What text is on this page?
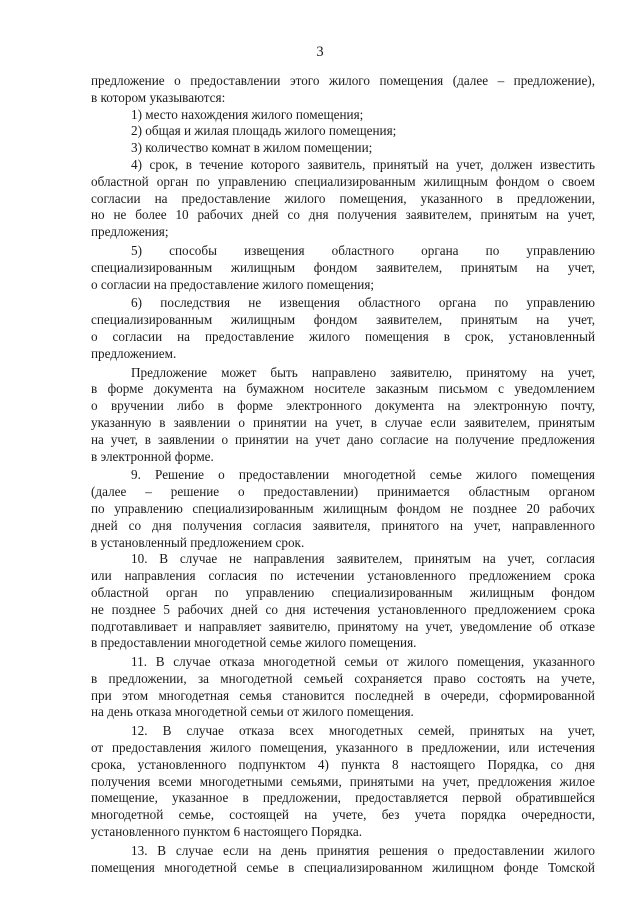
3
предложение о предоставлении этого жилого помещения (далее – предложение),
в котором указываются:
1) место нахождения жилого помещения;
2) общая и жилая площадь жилого помещения;
3) количество комнат в жилом помещении;
4) срок, в течение которого заявитель, принятый на учет, должен известить
областной орган по управлению специализированным жилищным фондом о своем
согласии на предоставление жилого помещения, указанного в предложении,
но не более 10 рабочих дней со дня получения заявителем, принятым на учет,
предложения;
5) способы извещения областного органа по управлению
специализированным жилищным фондом заявителем, принятым на учет,
о согласии на предоставление жилого помещения;
6) последствия не извещения областного органа по управлению
специализированным жилищным фондом заявителем, принятым на учет,
о согласии на предоставление жилого помещения в срок, установленный
предложением.
Предложение может быть направлено заявителю, принятому на учет,
в форме документа на бумажном носителе заказным письмом с уведомлением
о вручении либо в форме электронного документа на электронную почту,
указанную в заявлении о принятии на учет, в случае если заявителем, принятым
на учет, в заявлении о принятии на учет дано согласие на получение предложения
в электронной форме.
9. Решение о предоставлении многодетной семье жилого помещения
(далее – решение о предоставлении) принимается областным органом
по управлению специализированным жилищным фондом не позднее 20 рабочих
дней со дня получения согласия заявителя, принятого на учет, направленного
в установленный предложением срок.
10. В случае не направления заявителем, принятым на учет, согласия
или направления согласия по истечении установленного предложением срока
областной орган по управлению специализированным жилищным фондом
не позднее 5 рабочих дней со дня истечения установленного предложением срока
подготавливает и направляет заявителю, принятому на учет, уведомление об отказе
в предоставлении многодетной семье жилого помещения.
11. В случае отказа многодетной семьи от жилого помещения, указанного
в предложении, за многодетной семьей сохраняется право состоять на учете,
при этом многодетная семья становится последней в очереди, сформированной
на день отказа многодетной семьи от жилого помещения.
12. В случае отказа всех многодетных семей, принятых на учет,
от предоставления жилого помещения, указанного в предложении, или истечения
срока, установленного подпунктом 4) пункта 8 настоящего Порядка, со дня
получения всеми многодетными семьями, принятыми на учет, предложения жилое
помещение, указанное в предложении, предоставляется первой обратившейся
многодетной семье, состоящей на учете, без учета порядка очередности,
установленного пунктом 6 настоящего Порядка.
13. В случае если на день принятия решения о предоставлении жилого
помещения многодетной семье в специализированном жилищном фонде Томской
